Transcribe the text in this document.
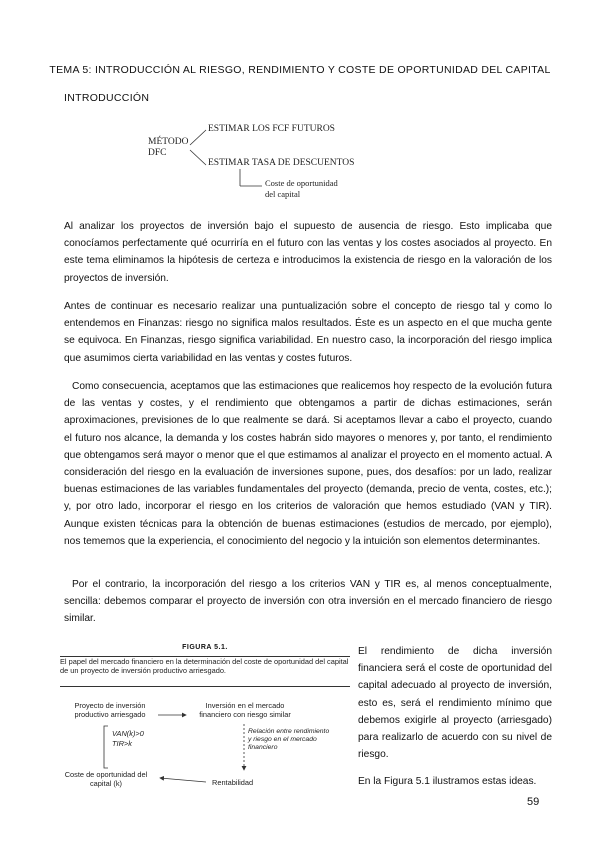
TEMA 5: INTRODUCCIÓN AL RIESGO, RENDIMIENTO Y COSTE DE OPORTUNIDAD DEL CAPITAL
INTRODUCCIÓN
MÉTODO
DFC
ESTIMAR LOS FCF FUTUROS
ESTIMAR TASA DE DESCUENTOS
Coste de oportunidad
del capital

Al analizar los proyectos de inversión bajo el supuesto de ausencia de riesgo. Esto implicaba que conocíamos perfectamente qué ocurriría en el futuro con las ventas y los costes asociados al proyecto. En este tema eliminamos la hipótesis de certeza e introducimos la existencia de riesgo en la valoración de los proyectos de inversión.

Antes de continuar es necesario realizar una puntualización sobre el concepto de riesgo tal y como lo entendemos en Finanzas: riesgo no significa malos resultados. Éste es un aspecto en el que mucha gente se equivoca. En Finanzas, riesgo significa variabilidad. En nuestro caso, la incorporación del riesgo implica que asumimos cierta variabilidad en las ventas y costes futuros.

Como consecuencia, aceptamos que las estimaciones que realicemos hoy respecto de la evolución futura de las ventas y costes, y el rendimiento que obtengamos a partir de dichas estimaciones, serán aproximaciones, previsiones de lo que realmente se dará. Si aceptamos llevar a cabo el proyecto, cuando el futuro nos alcance, la demanda y los costes habrán sido mayores o menores y, por tanto, el rendimiento que obtengamos será mayor o menor que el que estimamos al analizar el proyecto en el momento actual. A consideración del riesgo en la evaluación de inversiones supone, pues, dos desafíos: por un lado, realizar buenas estimaciones de las variables fundamentales del proyecto (demanda, precio de venta, costes, etc.); y, por otro lado, incorporar el riesgo en los criterios de valoración que hemos estudiado (VAN y TIR). Aunque existen técnicas para la obtención de buenas estimaciones (estudios de mercado, por ejemplo), nos tememos que la experiencia, el conocimiento del negocio y la intuición son elementos determinantes.

Por el contrario, la incorporación del riesgo a los criterios VAN y TIR es, al menos conceptualmente, sencilla: debemos comparar el proyecto de inversión con otra inversión en el mercado financiero de riesgo similar.

FIGURA 5.1.
El papel del mercado financiero en la determinación del coste de oportunidad del capital de un proyecto de inversión productivo arriesgado.
Proyecto de inversión productivo arriesgado
Inversión en el mercado financiero con riesgo similar
VAN(k)>0
TIR>k
Relación entre rendimiento y riesgo en el mercado financiero
Coste de oportunidad del capital (k)	Rentabilidad

El rendimiento de dicha inversión financiera será el coste de oportunidad del capital adecuado al proyecto de inversión, esto es, será el rendimiento mínimo que debemos exigirle al proyecto (arriesgado) para realizarlo de acuerdo con su nivel de riesgo.

En la Figura 5.1 ilustramos estas ideas.

59
